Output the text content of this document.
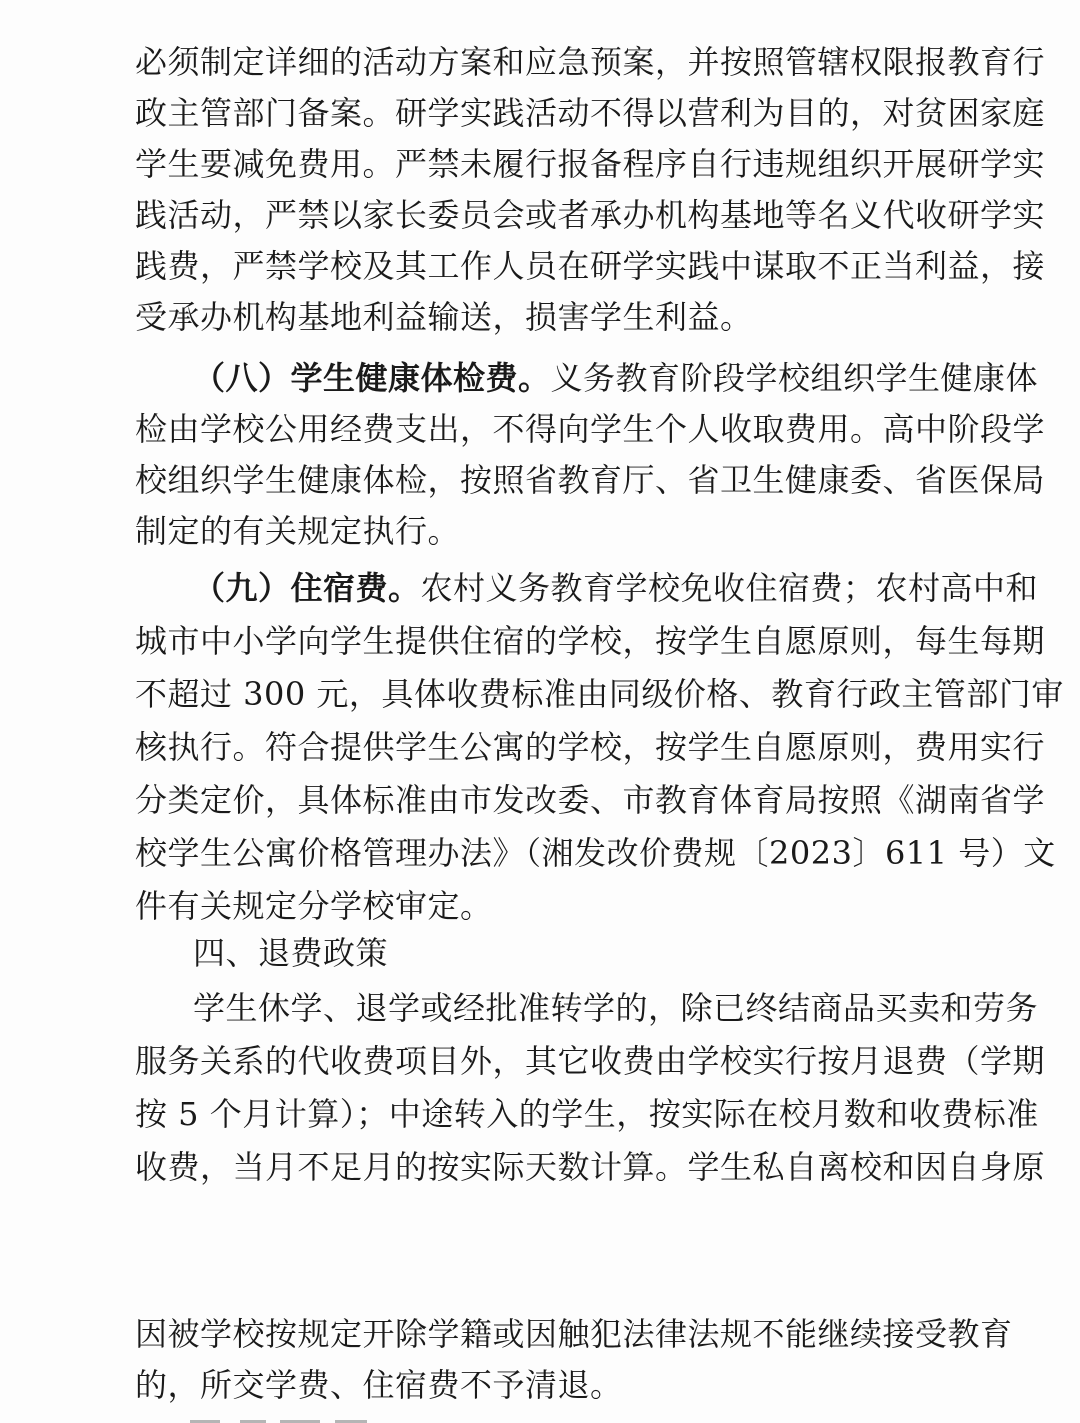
必须制定详细的活动方案和应急预案，并按照管辖权限报教育行
政主管部门备案。研学实践活动不得以营利为目的，对贫困家庭
学生要减免费用。严禁未履行报备程序自行违规组织开展研学实
践活动，严禁以家长委员会或者承办机构基地等名义代收研学实
践费，严禁学校及其工作人员在研学实践中谋取不正当利益，接
受承办机构基地利益输送，损害学生利益。
（八）学生健康体检费。义务教育阶段学校组织学生健康体
检由学校公用经费支出，不得向学生个人收取费用。高中阶段学
校组织学生健康体检，按照省教育厅、省卫生健康委、省医保局
制定的有关规定执行。
（九）住宿费。农村义务教育学校免收住宿费；农村高中和
城市中小学向学生提供住宿的学校，按学生自愿原则，每生每期
不超过 300 元，具体收费标准由同级价格、教育行政主管部门审
核执行。符合提供学生公寓的学校，按学生自愿原则，费用实行
分类定价，具体标准由市发改委、市教育体育局按照《湖南省学
校学生公寓价格管理办法》（湘发改价费规〔2023〕611 号）文
件有关规定分学校审定。
四、退费政策
学生休学、退学或经批准转学的，除已终结商品买卖和劳务
服务关系的代收费项目外，其它收费由学校实行按月退费（学期
按 5 个月计算）；中途转入的学生，按实际在校月数和收费标准
收费，当月不足月的按实际天数计算。学生私自离校和因自身原
因被学校按规定开除学籍或因触犯法律法规不能继续接受教育
的，所交学费、住宿费不予清退。
